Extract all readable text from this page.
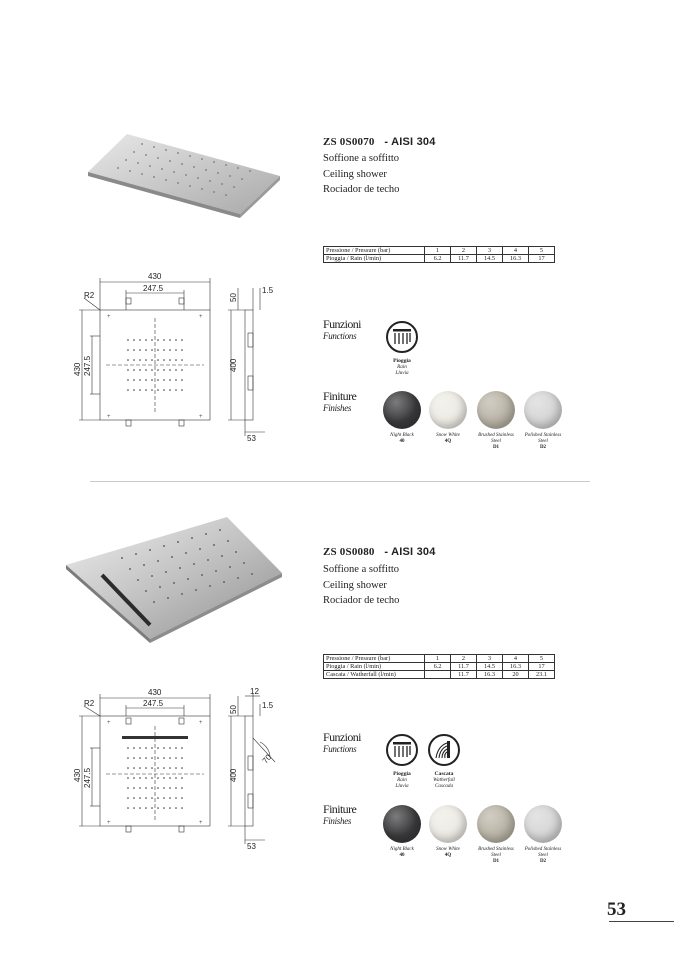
ZS 0S0070 - AISI 304
Soffione a soffitto
Ceiling shower
Rociador de techo
Pressione / Pressure (bar)	1	2	3	4	5
Pioggia / Rain (l/min)	6.2	11.7	14.5	16.3	17
+	+
+	+
430
247.5
R2
430 247.5	400
50
1.5
53
Funzioni
Functions
Pioggia
Rain
Lluvia
Finiture
Finishes
Night Black
40
Snow White
4Q
Brushed Stainless Steel
D1
Polished Stainless Steel
D2
ZS 0S0080 - AISI 304
Soffione a soffitto
Ceiling shower
Rociador de techo
Pressione / Pressure (bar)	1	2	3	4	5
Pioggia / Rain (l/min)	6.2	11.7	14.5	16.3	17
Cascata / Watherfall (l/min)		11.7	16.3	20	23.1
+	+
+	+
430
247.5
R2
430 247.5	400
50
12
1.5
70
53
Funzioni
Functions
Pioggia
Rain
Lluvia
Cascata
Watherfall
Cascada
Finiture
Finishes
Night Black
40
Snow White
4Q
Brushed Stainless Steel
D1
Polished Stainless Steel
D2
53
